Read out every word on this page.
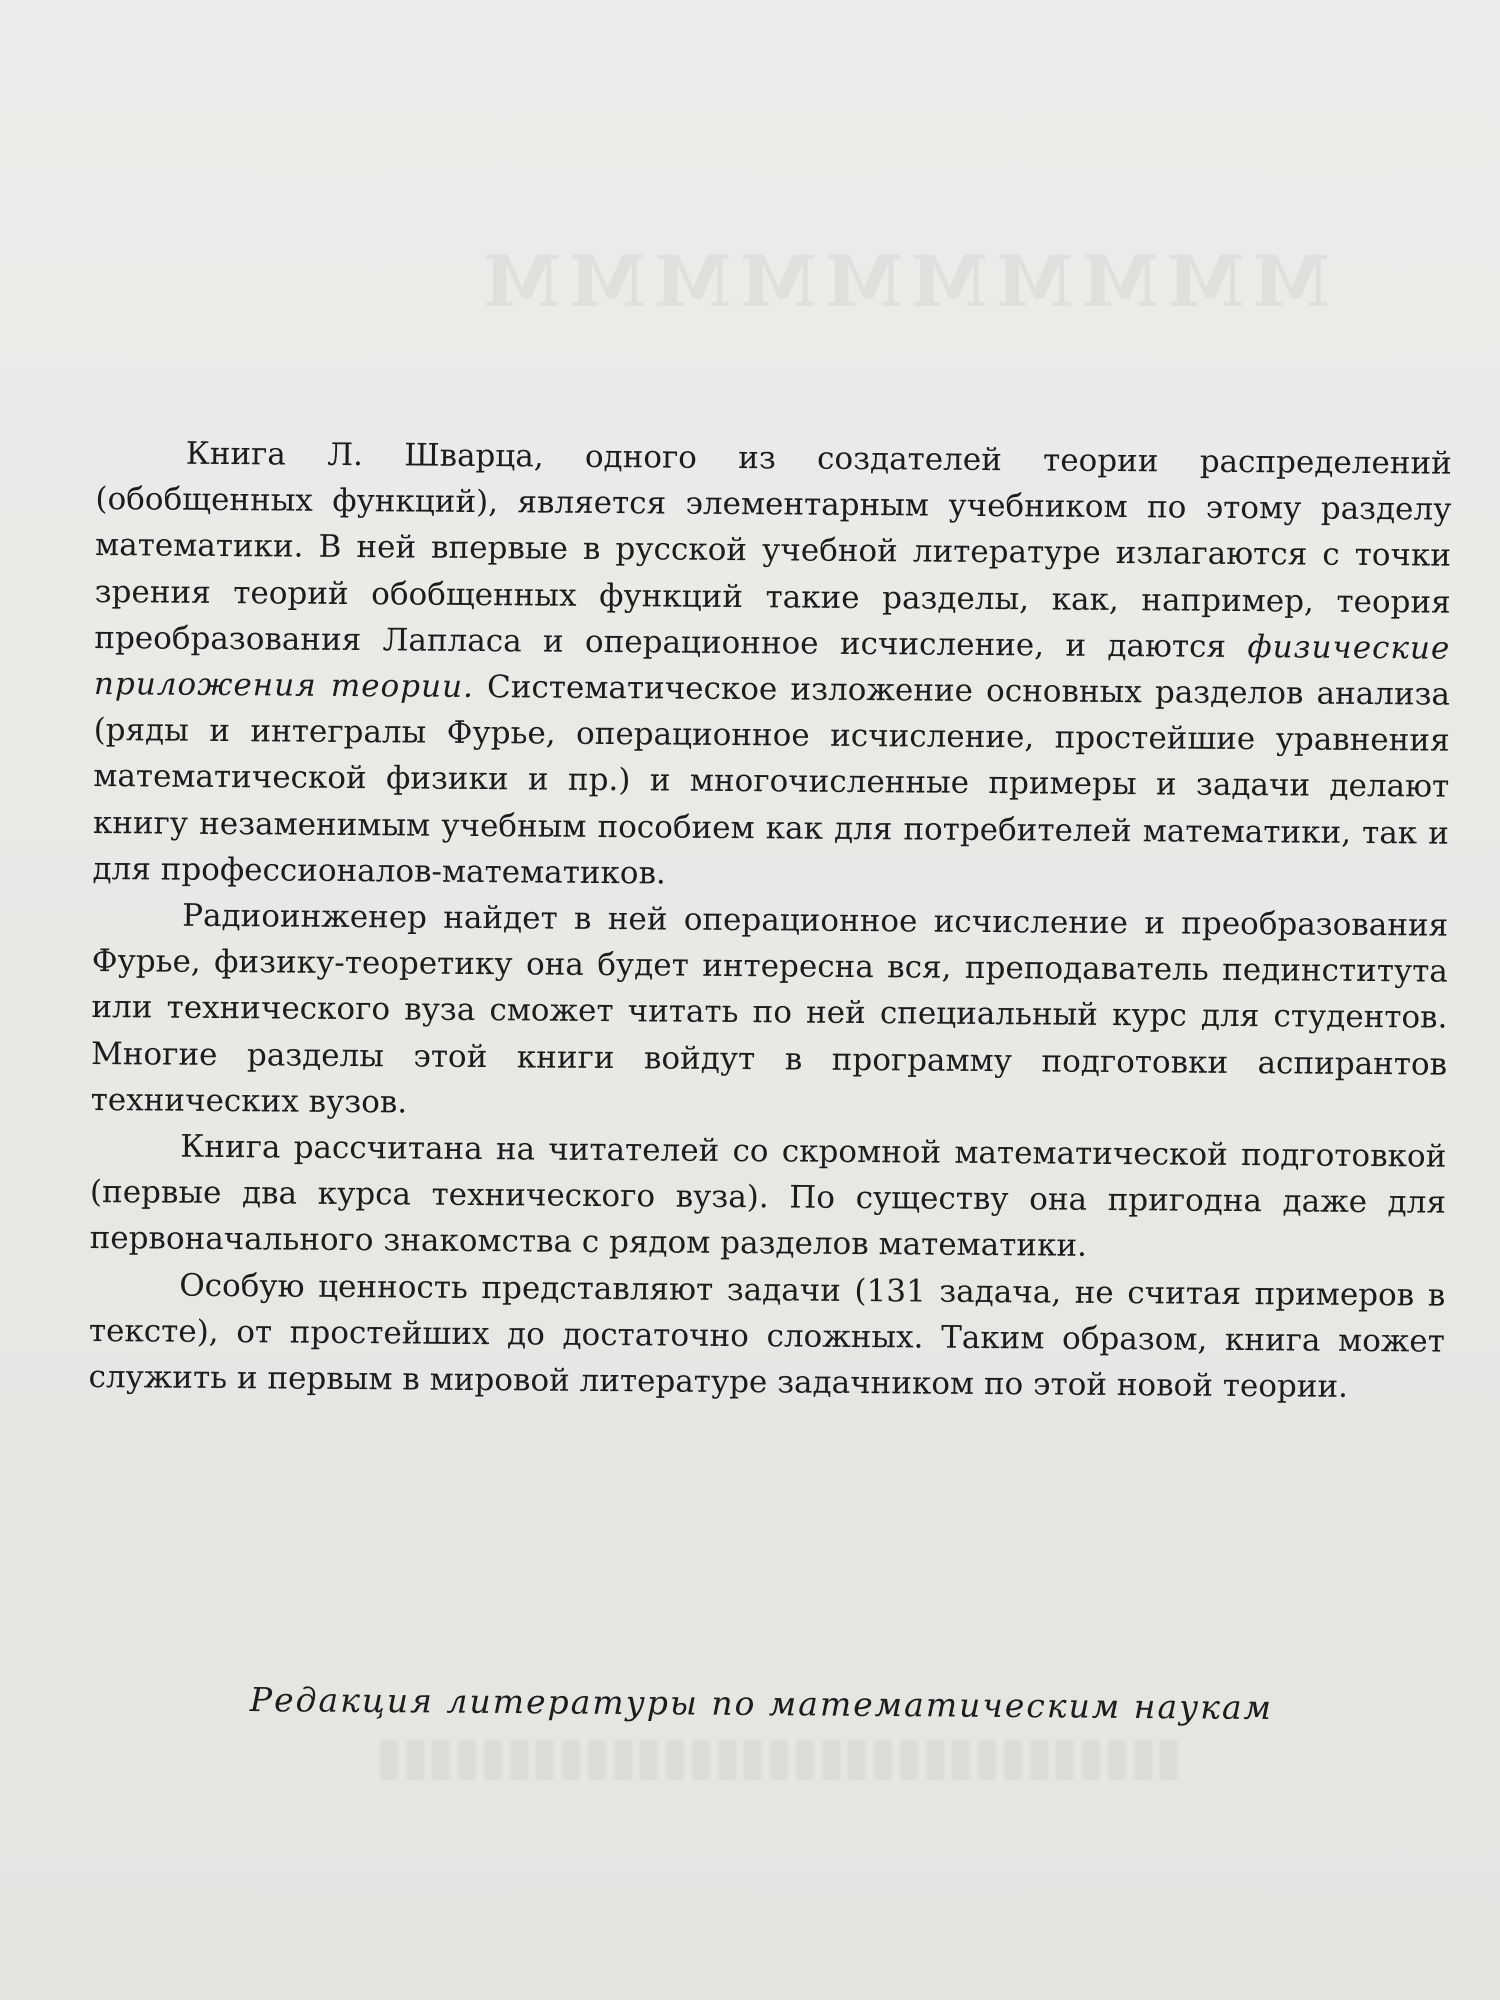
ММММММММММ

Книга Л. Шварца, одного из создателей теории распределений (обобщенных функций), является элементарным учебником по этому разделу математики. В ней впервые в русской учебной литературе излагаются с точки зрения теорий обобщенных функций такие разделы, как, например, теория преобразования Лапласа и операционное исчисление, и даются физические приложения теории. Систематическое изложение основных разделов анализа (ряды и интегралы Фурье, операционное исчисление, простейшие уравнения математической физики и пр.) и многочисленные примеры и задачи делают книгу незаменимым учебным пособием как для потребителей математики, так и для профессионалов-математиков.

Радиоинженер найдет в ней операционное исчисление и преобразования Фурье, физику-теоретику она будет интересна вся, преподаватель пединститута или технического вуза сможет читать по ней специальный курс для студентов. Многие разделы этой книги войдут в программу подготовки аспирантов технических вузов.

Книга рассчитана на читателей со скромной математической подготовкой (первые два курса технического вуза). По существу она пригодна даже для первоначального знакомства с рядом разделов математики.

Особую ценность представляют задачи (131 задача, не считая примеров в тексте), от простейших до достаточно сложных. Таким образом, книга может служить и первым в мировой литературе задачником по этой новой теории.

Редакция литературы по математическим наукам
